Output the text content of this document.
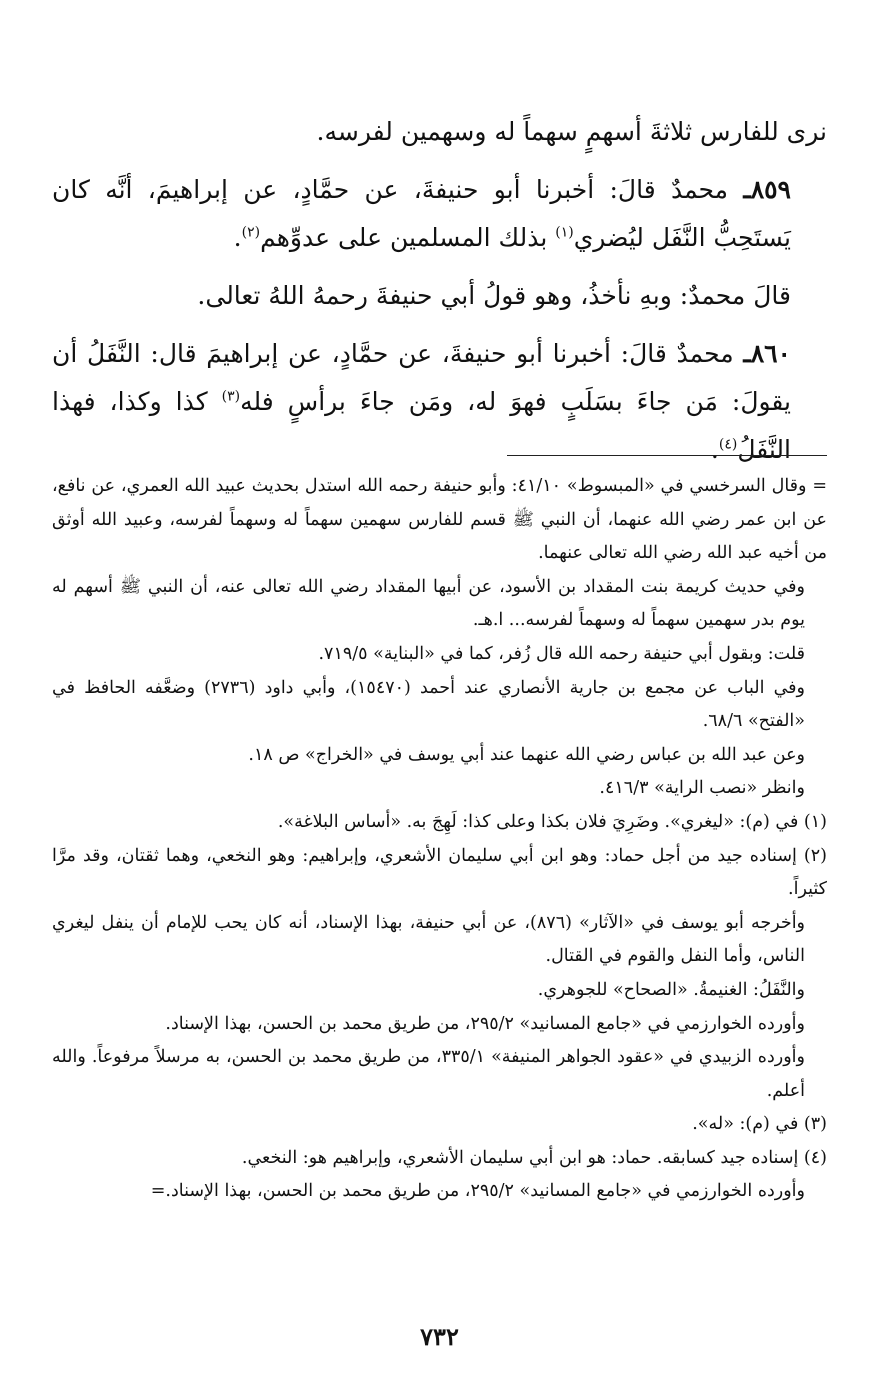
نرى للفارس ثلاثةَ أسهمٍ سهماً له وسهمين لفرسه.

٨٥٩ـ محمدٌ قالَ: أخبرنا أبو حنيفةَ، عن حمَّادٍ، عن إبراهيمَ، أنَّه كان يَستَحِبُّ النَّفَل ليُضري$^{(١)}$ بذلك المسلمين على عدوِّهم$^{(٢)}$.

قالَ محمدٌ: وبهِ نأخذُ، وهو قولُ أبي حنيفةَ رحمهُ اللهُ تعالى.

٨٦٠ـ محمدٌ قالَ: أخبرنا أبو حنيفةَ، عن حمَّادٍ، عن إبراهيمَ قال: النَّفَلُ أن يقولَ: مَن جاءَ بسَلَبٍ فهوَ له، ومَن جاءَ برأسٍ فله$^{(٣)}$ كذا وكذا، فهذا النَّفَلُ$^{(٤)}$.

= وقال السرخسي في «المبسوط» ٤١/١٠: وأبو حنيفة رحمه الله استدل بحديث عبيد الله العمري، عن نافع، عن ابن عمر رضي الله عنهما، أن النبي ﷺ قسم للفارس سهمين سهماً له وسهماً لفرسه، وعبيد الله أوثق من أخيه عبد الله رضي الله تعالى عنهما.

وفي حديث كريمة بنت المقداد بن الأسود، عن أبيها المقداد رضي الله تعالى عنه، أن النبي ﷺ أسهم له يوم بدر سهمين سهماً له وسهماً لفرسه... ا.هـ.

قلت: وبقول أبي حنيفة رحمه الله قال زُفر، كما في «البناية» ٧١٩/٥.

وفي الباب عن مجمع بن جارية الأنصاري عند أحمد (١٥٤٧٠)، وأبي داود (٢٧٣٦) وضعَّفه الحافظ في «الفتح» ٦٨/٦.

وعن عبد الله بن عباس رضي الله عنهما عند أبي يوسف في «الخراج» ص ١٨.

وانظر «نصب الراية» ٤١٦/٣.

(١) في (م): «ليغري». وضَرِيَ فلان بكذا وعلى كذا: لَهِجَ به. «أساس البلاغة».

(٢) إسناده جيد من أجل حماد: وهو ابن أبي سليمان الأشعري، وإبراهيم: وهو النخعي، وهما ثقتان، وقد مرَّا كثيراً.

وأخرجه أبو يوسف في «الآثار» (٨٧٦)، عن أبي حنيفة، بهذا الإسناد، أنه كان يحب للإمام أن ينفل ليغري الناس، وأما النفل والقوم في القتال.

والنَّفَلُ: الغنيمةُ. «الصحاح» للجوهري.

وأورده الخوارزمي في «جامع المسانيد» ٢٩٥/٢، من طريق محمد بن الحسن، بهذا الإسناد.

وأورده الزبيدي في «عقود الجواهر المنيفة» ٣٣٥/١، من طريق محمد بن الحسن، به مرسلاً مرفوعاً. والله أعلم.

(٣) في (م): «له».

(٤) إسناده جيد كسابقه. حماد: هو ابن أبي سليمان الأشعري، وإبراهيم هو: النخعي.

وأورده الخوارزمي في «جامع المسانيد» ٢٩٥/٢، من طريق محمد بن الحسن، بهذا الإسناد.=

٧٣٢
